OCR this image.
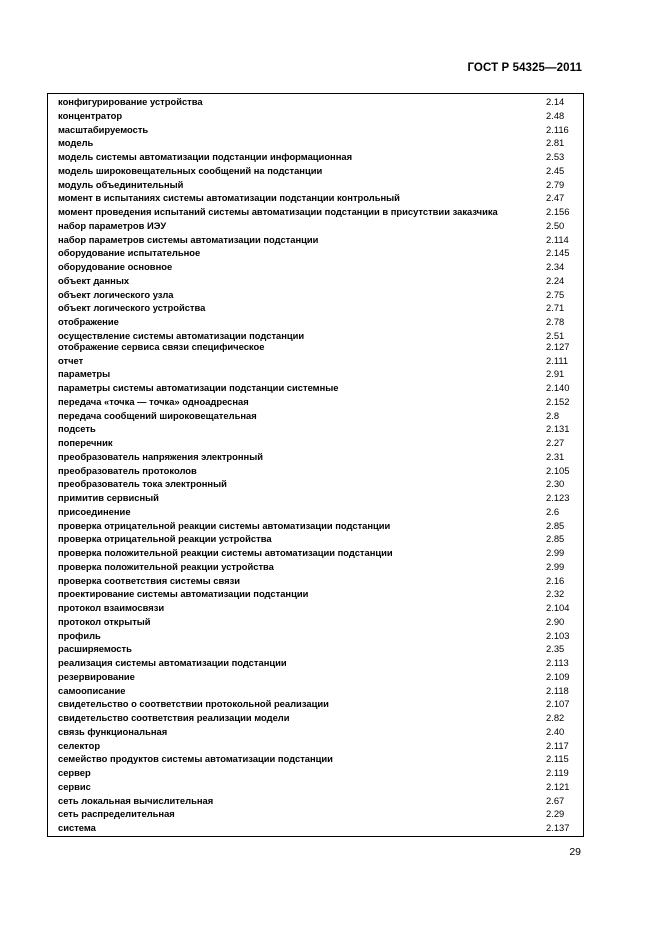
ГОСТ Р 54325—2011
конфигурирование устройства	2.14
концентратор	2.48
масштабируемость	2.116
модель	2.81
модель системы автоматизации подстанции информационная	2.53
модель широковещательных сообщений на подстанции	2.45
модуль объединительный	2.79
момент в испытаниях системы автоматизации подстанции контрольный	2.47
момент проведения испытаний системы автоматизации подстанции в присутствии заказчика	2.156
набор параметров ИЭУ	2.50
набор параметров системы автоматизации подстанции	2.114
оборудование испытательное	2.145
оборудование основное	2.34
объект данных	2.24
объект логического узла	2.75
объект логического устройства	2.71
отображение	2.78
осуществление системы автоматизации подстанции	2.51
отображение сервиса связи специфическое	2.127
отчет	2.111
параметры	2.91
параметры системы автоматизации подстанции системные	2.140
передача «точка — точка» одноадресная	2.152
передача сообщений широковещательная	2.8
подсеть	2.131
поперечник	2.27
преобразователь напряжения электронный	2.31
преобразователь протоколов	2.105
преобразователь тока электронный	2.30
примитив сервисный	2.123
присоединение	2.6
проверка отрицательной реакции системы автоматизации подстанции	2.85
проверка отрицательной реакции устройства	2.85
проверка положительной реакции системы автоматизации подстанции	2.99
проверка положительной реакции устройства	2.99
проверка соответствия системы связи	2.16
проектирование системы автоматизации подстанции	2.32
протокол взаимосвязи	2.104
протокол открытый	2.90
профиль	2.103
расширяемость	2.35
реализация системы автоматизации подстанции	2.113
резервирование	2.109
самоописание	2.118
свидетельство о соответствии протокольной реализации	2.107
свидетельство соответствия реализации модели	2.82
связь функциональная	2.40
селектор	2.117
семейство продуктов системы автоматизации подстанции	2.115
сервер	2.119
сервис	2.121
сеть локальная вычислительная	2.67
сеть распределительная	2.29
система	2.137
29
